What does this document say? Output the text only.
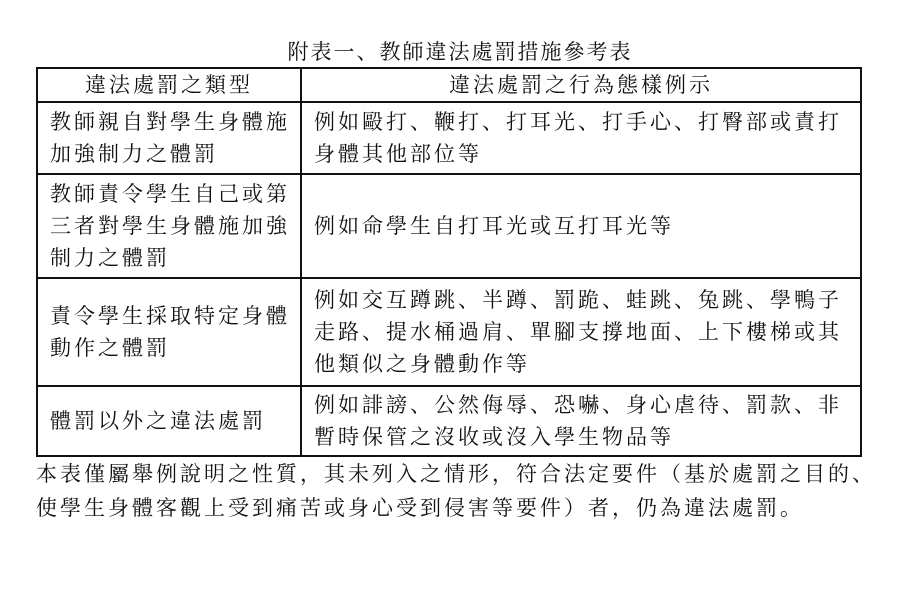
附表一、教師違法處罰措施參考表
違法處罰之類型	違法處罰之行為態樣例示
教師親自對學生身體施加強制力之體罰	例如毆打、鞭打、打耳光、打手心、打臀部或責打身體其他部位等
教師責令學生自己或第三者對學生身體施加強制力之體罰	例如命學生自打耳光或互打耳光等
責令學生採取特定身體動作之體罰	例如交互蹲跳、半蹲、罰跪、蛙跳、兔跳、學鴨子走路、提水桶過肩、單腳支撐地面、上下樓梯或其他類似之身體動作等
體罰以外之違法處罰	例如誹謗、公然侮辱、恐嚇、身心虐待、罰款、非暫時保管之沒收或沒入學生物品等
本表僅屬舉例說明之性質，其未列入之情形，符合法定要件（基於處罰之目的、使學生身體客觀上受到痛苦或身心受到侵害等要件）者，仍為違法處罰。
